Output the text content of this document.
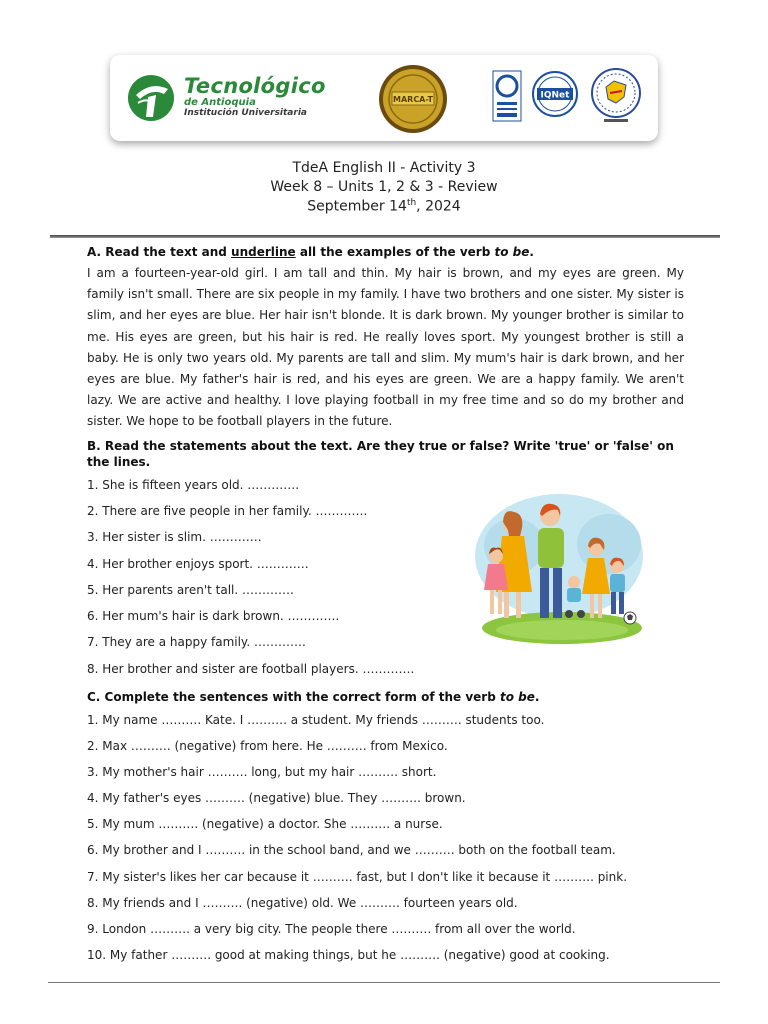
Tecnológico
de Antioquia
Institución Universitaria
MARCA-T	IQNet
TdeA English II - Activity 3
Week 8 – Units 1, 2 & 3 - Review
September 14th, 2024
A. Read the text and underline all the examples of the verb to be.
I am a fourteen-year-old girl. I am tall and thin. My hair is brown, and my eyes are green. My family isn't small. There are six people in my family. I have two brothers and one sister. My sister is slim, and her eyes are blue. Her hair isn't blonde. It is dark brown. My younger brother is similar to me. His eyes are green, but his hair is red. He really loves sport. My youngest brother is still a baby. He is only two years old. My parents are tall and slim. My mum's hair is dark brown, and her eyes are blue. My father's hair is red, and his eyes are green. We are a happy family. We aren't lazy. We are active and healthy. I love playing football in my free time and so do my brother and sister. We hope to be football players in the future.
B. Read the statements about the text. Are they true or false? Write 'true' or 'false' on the lines.
1. She is fifteen years old. ………….
2. There are five people in her family. ………….
3. Her sister is slim. ………….
4. Her brother enjoys sport. ………….
5. Her parents aren't tall. ………….
6. Her mum's hair is dark brown. ………….
7. They are a happy family. ………….
8. Her brother and sister are football players. ………….
C. Complete the sentences with the correct form of the verb to be.
1. My name ………. Kate. I ………. a student. My friends ………. students too.
2. Max ………. (negative) from here. He ………. from Mexico.
3. My mother's hair ………. long, but my hair ………. short.
4. My father's eyes ………. (negative) blue. They ………. brown.
5. My mum ………. (negative) a doctor. She ………. a nurse.
6. My brother and I ………. in the school band, and we ………. both on the football team.
7. My sister's likes her car because it ………. fast, but I don't like it because it ………. pink.
8. My friends and I ………. (negative) old. We ………. fourteen years old.
9. London ………. a very big city. The people there ………. from all over the world.
10. My father ………. good at making things, but he ………. (negative) good at cooking.
